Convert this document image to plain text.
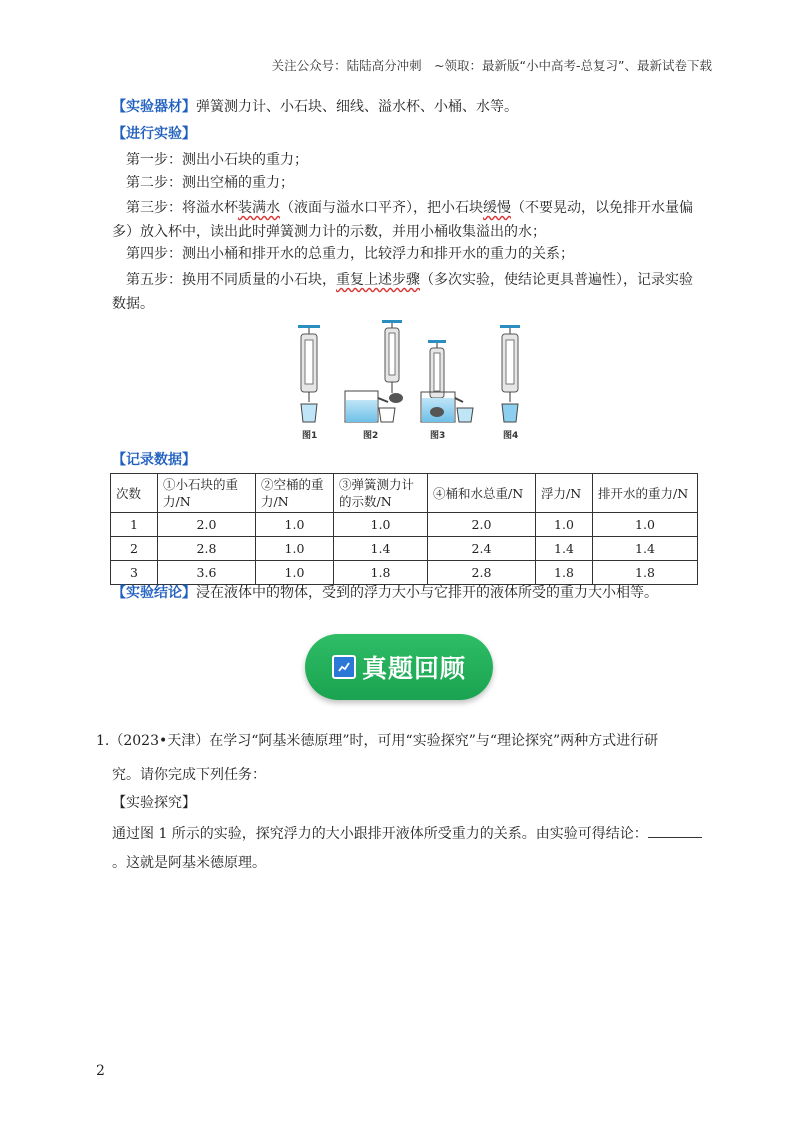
关注公众号：陆陆高分冲刺　~领取：最新版“小中高考-总复习”、最新试卷下载
【实验器材】弹簧测力计、小石块、细线、溢水杯、小桶、水等。
【进行实验】
第一步：测出小石块的重力；
第二步：测出空桶的重力；
第三步：将溢水杯装满水（液面与溢水口平齐），把小石块缓慢（不要晃动，以免排开水量偏多）放入杯中，读出此时弹簧测力计的示数，并用小桶收集溢出的水；
第四步：测出小桶和排开水的总重力，比较浮力和排开水的重力的关系；
第五步：换用不同质量的小石块，重复上述步骤（多次实验，使结论更具普遍性），记录实验数据。
图1	图2	图3	图4
【记录数据】
次数	①小石块的重力/N	②空桶的重力/N	③弹簧测力计的示数/N	④桶和水总重/N	浮力/N	排开水的重力/N
1	2.0	1.0	1.0	2.0	1.0	1.0
2	2.8	1.0	1.4	2.4	1.4	1.4
3	3.6	1.0	1.8	2.8	1.8	1.8
【实验结论】浸在液体中的物体，受到的浮力大小与它排开的液体所受的重力大小相等。
真题回顾
1.（2023•天津）在学习“阿基米德原理”时，可用“实验探究”与“理论探究”两种方式进行研
究。请你完成下列任务：
【实验探究】
通过图 1 所示的实验，探究浮力的大小跟排开液体所受重力的关系。由实验可得结论：
。这就是阿基米德原理。
2
